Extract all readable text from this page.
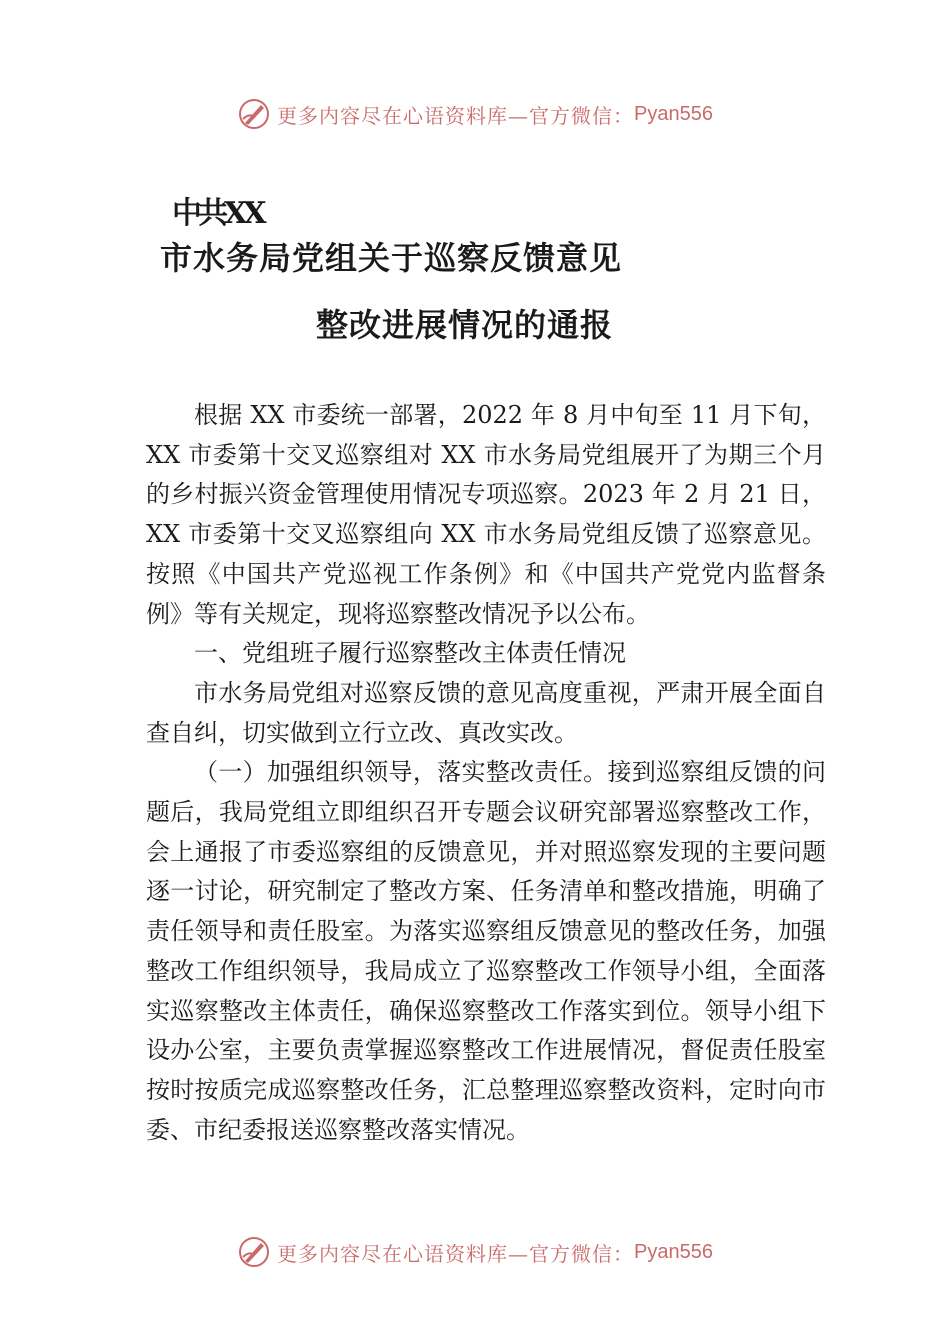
更多内容尽在心语资料库—官方微信： Pyan556
中共XX
市水务局党组关于巡察反馈意见
整改进展情况的通报

根据 XX 市委统一部署，2022 年 8 月中旬至 11 月下旬，XX 市委第十交叉巡察组对 XX 市水务局党组展开了为期三个月的乡村振兴资金管理使用情况专项巡察。2023 年 2 月 21 日，XX 市委第十交叉巡察组向 XX 市水务局党组反馈了巡察意见。按照《中国共产党巡视工作条例》和《中国共产党党内监督条例》等有关规定，现将巡察整改情况予以公布。

一、党组班子履行巡察整改主体责任情况

市水务局党组对巡察反馈的意见高度重视，严肃开展全面自查自纠，切实做到立行立改、真改实改。

（一）加强组织领导，落实整改责任。接到巡察组反馈的问题后，我局党组立即组织召开专题会议研究部署巡察整改工作，会上通报了市委巡察组的反馈意见，并对照巡察发现的主要问题逐一讨论，研究制定了整改方案、任务清单和整改措施，明确了责任领导和责任股室。为落实巡察组反馈意见的整改任务，加强整改工作组织领导，我局成立了巡察整改工作领导小组，全面落实巡察整改主体责任，确保巡察整改工作落实到位。领导小组下设办公室，主要负责掌握巡察整改工作进展情况，督促责任股室按时按质完成巡察整改任务，汇总整理巡察整改资料，定时向市委、市纪委报送巡察整改落实情况。

更多内容尽在心语资料库—官方微信： Pyan556
